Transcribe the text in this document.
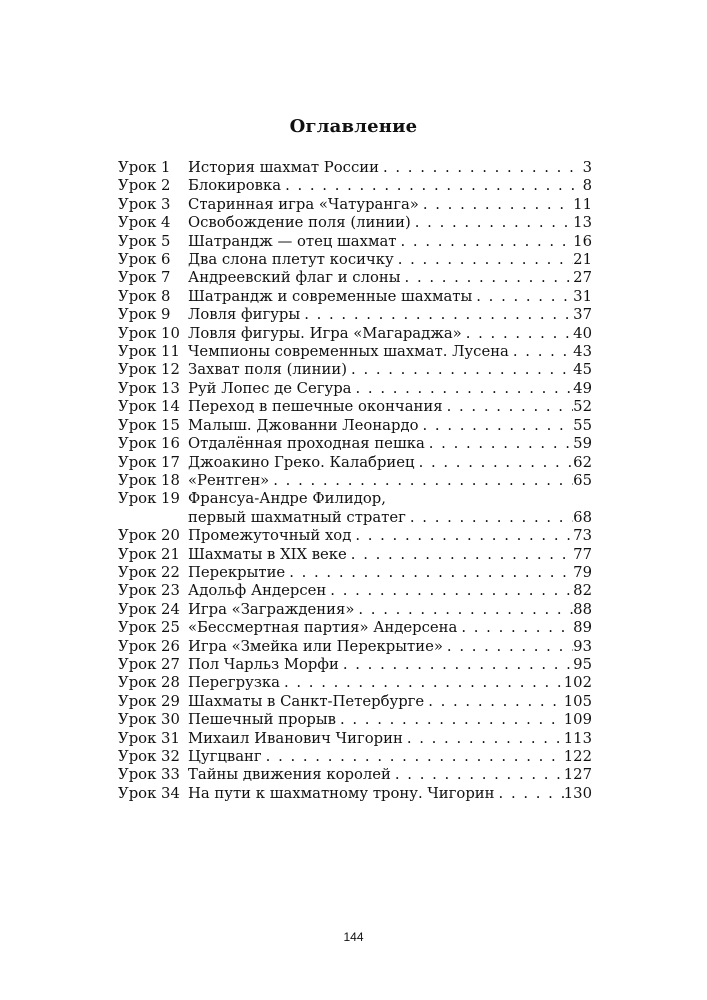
Оглавление
Урок 1	История шахмат России . . .	3
Урок 2	Блокировка . . .	8
Урок 3	Старинная игра «Чатуранга» . . .	11
Урок 4	Освобождение поля (линии) . . .	13
Урок 5	Шатрандж — отец шахмат . . .	16
Урок 6	Два слона плетут косичку . . .	21
Урок 7	Андреевский флаг и слоны . . .	27
Урок 8	Шатрандж и современные шахматы . . .	31
Урок 9	Ловля фигуры . . .	37
Урок 10 Ловля фигуры. Игра «Магараджа» . . .	40
Урок 11 Чемпионы современных шахмат. Лусена . . .	43
Урок 12 Захват поля (линии) . . .	45
Урок 13 Руй Лопес де Сегура . . .	49
Урок 14 Переход в пешечные окончания . . .	52
Урок 15 Малыш. Джованни Леонардо . . .	55
Урок 16 Отдалённая проходная пешка . . .	59
Урок 17 Джоакино Греко. Калабриец . . .	62
Урок 18 «Рентген» . . .	65
Урок 19 Франсуа-Андре Филидор,
первый шахматный стратег . . .	68
Урок 20 Промежуточный ход . . .	73
Урок 21 Шахматы в XIX веке . . .	77
Урок 22 Перекрытие . . .	79
Урок 23 Адольф Андерсен . . .	82
Урок 24 Игра «Заграждения» . . .	88
Урок 25 «Бессмертная партия» Андерсена . . .	89
Урок 26 Игра «Змейка или Перекрытие» . . .	93
Урок 27 Пол Чарльз Морфи . . .	95
Урок 28 Перегрузка . . .	102
Урок 29 Шахматы в Санкт-Петербурге . . .	105
Урок 30 Пешечный прорыв . . .	109
Урок 31 Михаил Иванович Чигорин . . .	113
Урок 32 Цугцванг . . .	122
Урок 33 Тайны движения королей . . .	127
Урок 34 На пути к шахматному трону. Чигорин . . .	130
144
